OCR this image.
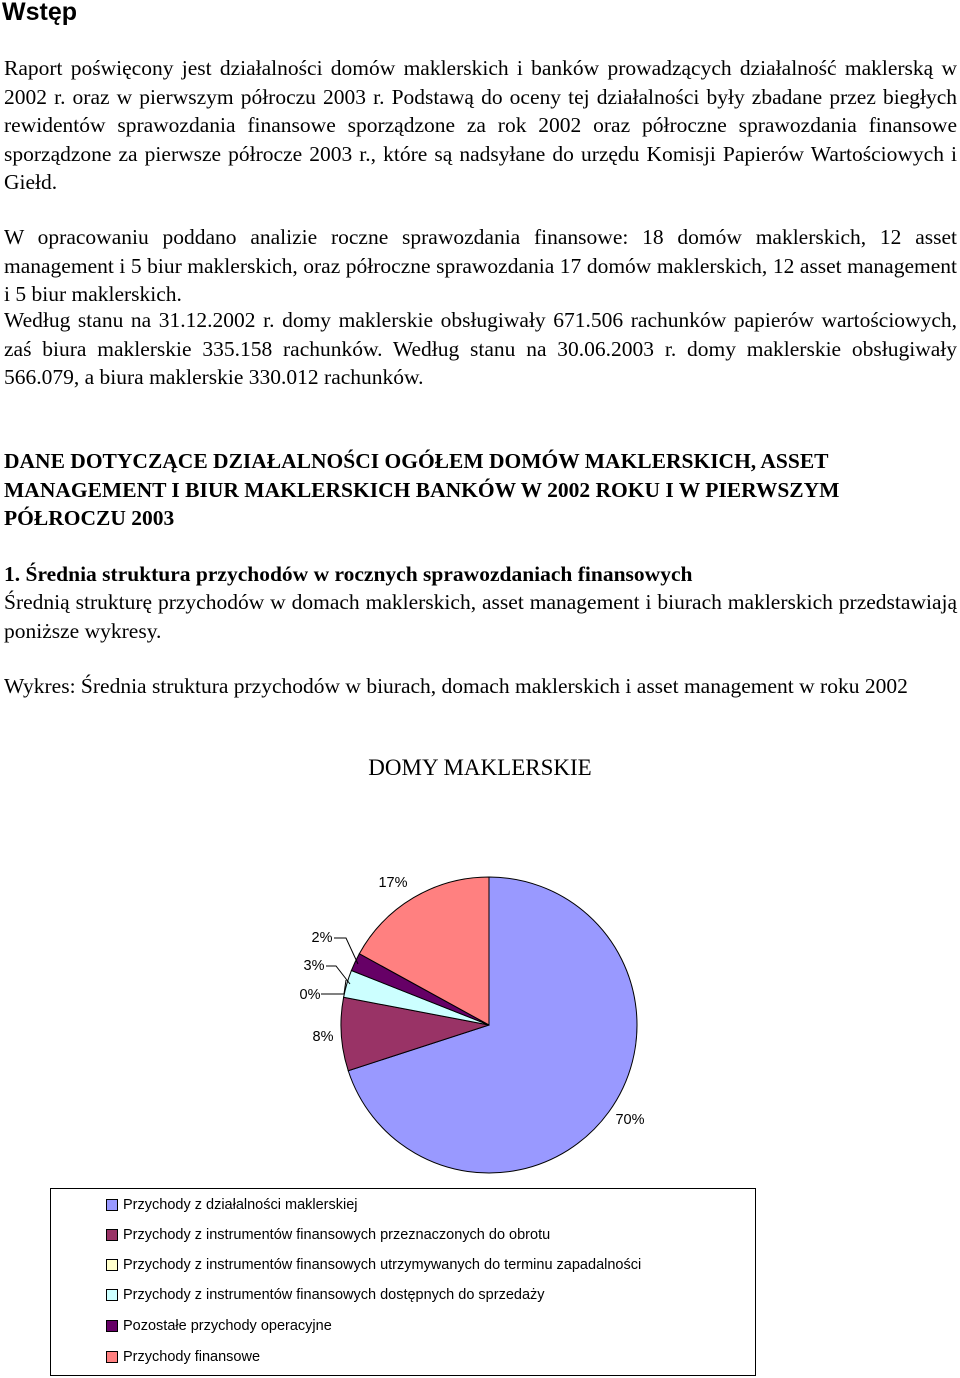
Wstęp

Raport poświęcony jest działalności domów maklerskich i banków prowadzących działalność maklerską w 2002 r. oraz w pierwszym półroczu 2003 r. Podstawą do oceny tej działalności były zbadane przez biegłych rewidentów sprawozdania finansowe sporządzone za rok 2002 oraz półroczne sprawozdania finansowe sporządzone za pierwsze półrocze 2003 r., które są nadsyłane do urzędu Komisji Papierów Wartościowych i Giełd.

W opracowaniu poddano analizie roczne sprawozdania finansowe: 18 domów maklerskich, 12 asset management i 5 biur maklerskich, oraz półroczne sprawozdania 17 domów maklerskich, 12 asset management i 5 biur maklerskich.

Według stanu na 31.12.2002 r. domy maklerskie obsługiwały 671.506 rachunków papierów wartościowych, zaś biura maklerskie 335.158 rachunków. Według stanu na 30.06.2003 r. domy maklerskie obsługiwały 566.079, a biura maklerskie 330.012 rachunków.

DANE DOTYCZĄCE DZIAŁALNOŚCI OGÓŁEM DOMÓW MAKLERSKICH, ASSET MANAGEMENT I BIUR MAKLERSKICH BANKÓW W 2002 ROKU I W PIERWSZYM PÓŁROCZU 2003

1. Średnia struktura przychodów w rocznych sprawozdaniach finansowych

Średnią strukturę przychodów w domach maklerskich, asset management i biurach maklerskich przedstawiają poniższe wykresy.

Wykres: Średnia struktura przychodów w biurach, domach maklerskich i asset management w roku 2002

DOMY MAKLERSKIE

70%
8%
0%
3%
2%
17%
Przychody z działalności maklerskiej
Przychody z instrumentów finansowych przeznaczonych do obrotu
Przychody z instrumentów finansowych utrzymywanych do terminu zapadalności
Przychody z instrumentów finansowych dostępnych do sprzedaży
Pozostałe przychody operacyjne
Przychody finansowe
